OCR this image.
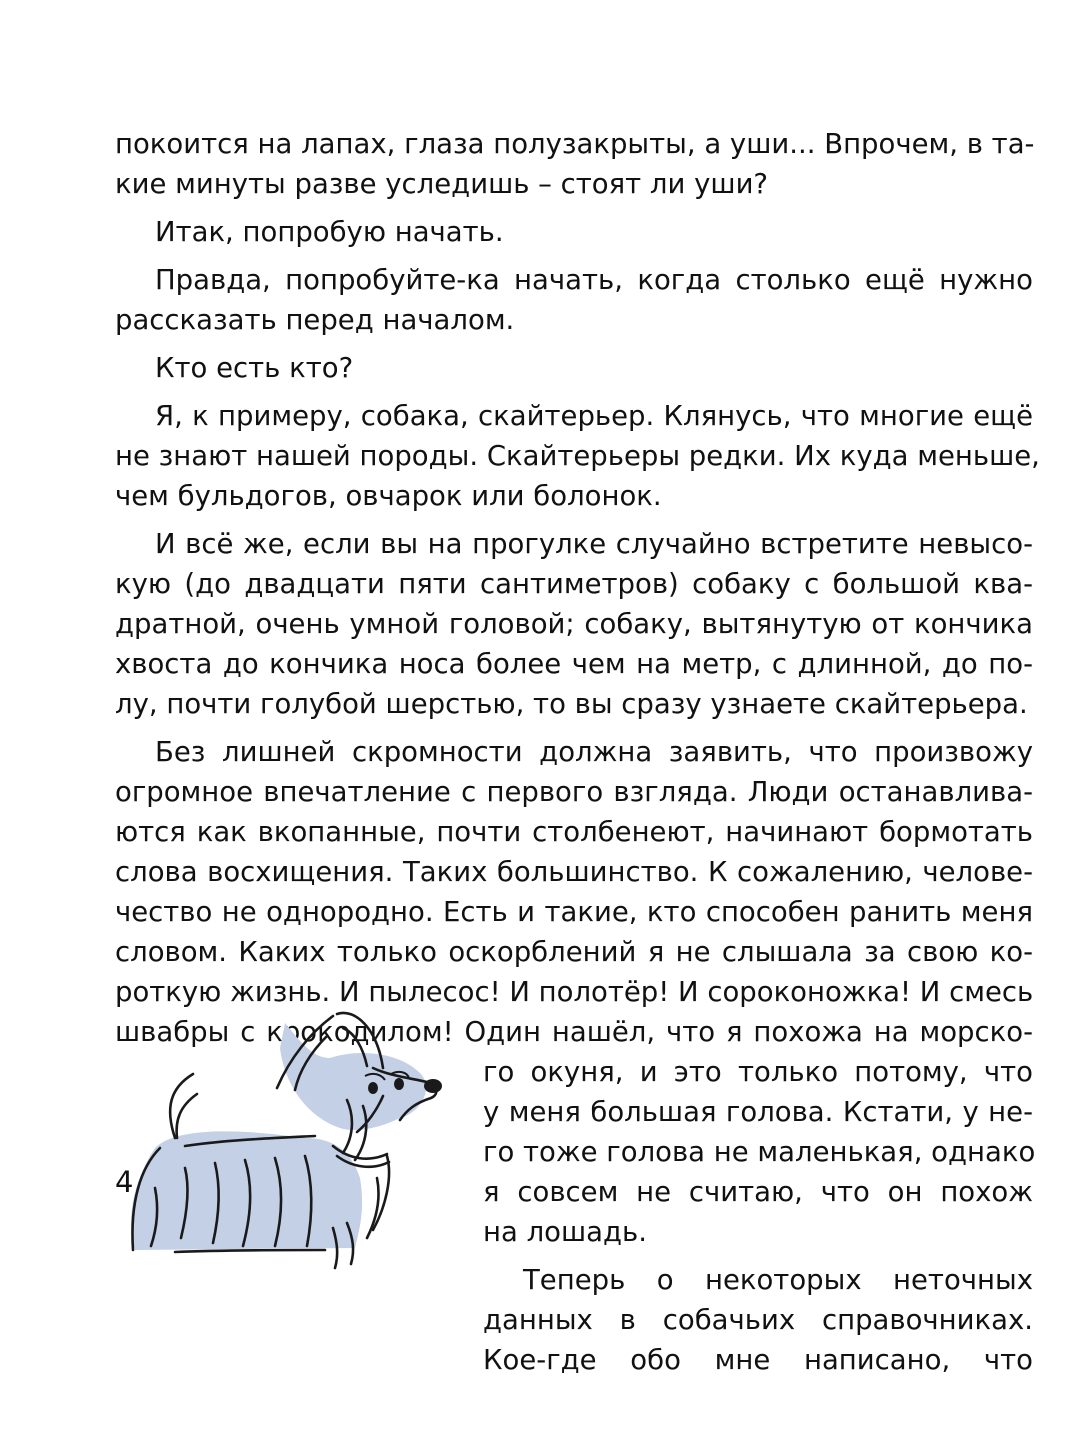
покоится на лапах, глаза полузакрыты, а уши... Впрочем, в та-
кие минуты разве уследишь – стоят ли уши?
Итак, попробую начать.
Правда, попробуйте-ка начать, когда столько ещё нужно
рассказать перед началом.
Кто есть кто?
Я, к примеру, собака, скайтерьер. Клянусь, что многие ещё
не знают нашей породы. Скайтерьеры редки. Их куда меньше,
чем бульдогов, овчарок или болонок.
И всё же, если вы на прогулке случайно встретите невысо-
кую (до двадцати пяти сантиметров) собаку с большой ква-
дратной, очень умной головой; собаку, вытянутую от кончика
хвоста до кончика носа более чем на метр, с длинной, до по-
лу, почти голубой шерстью, то вы сразу узнаете скайтерьера.
Без лишней скромности должна заявить, что произвожу
огромное впечатление с первого взгляда. Люди останавлива-
ются как вкопанные, почти столбенеют, начинают бормотать
слова восхищения. Таких большинство. К сожалению, челове-
чество не однородно. Есть и такие, кто способен ранить меня
словом. Каких только оскорблений я не слышала за свою ко-
роткую жизнь. И пылесос! И полотёр! И сороконожка! И смесь
швабры с крокодилом! Один нашёл, что я похожа на морско-
го окуня, и это только потому, что
у меня большая голова. Кстати, у не-
го тоже голова не маленькая, однако
я совсем не считаю, что он похож
на лошадь.
Теперь о некоторых неточных
данных в собачьих справочниках.
Кое-где обо мне написано, что
4
